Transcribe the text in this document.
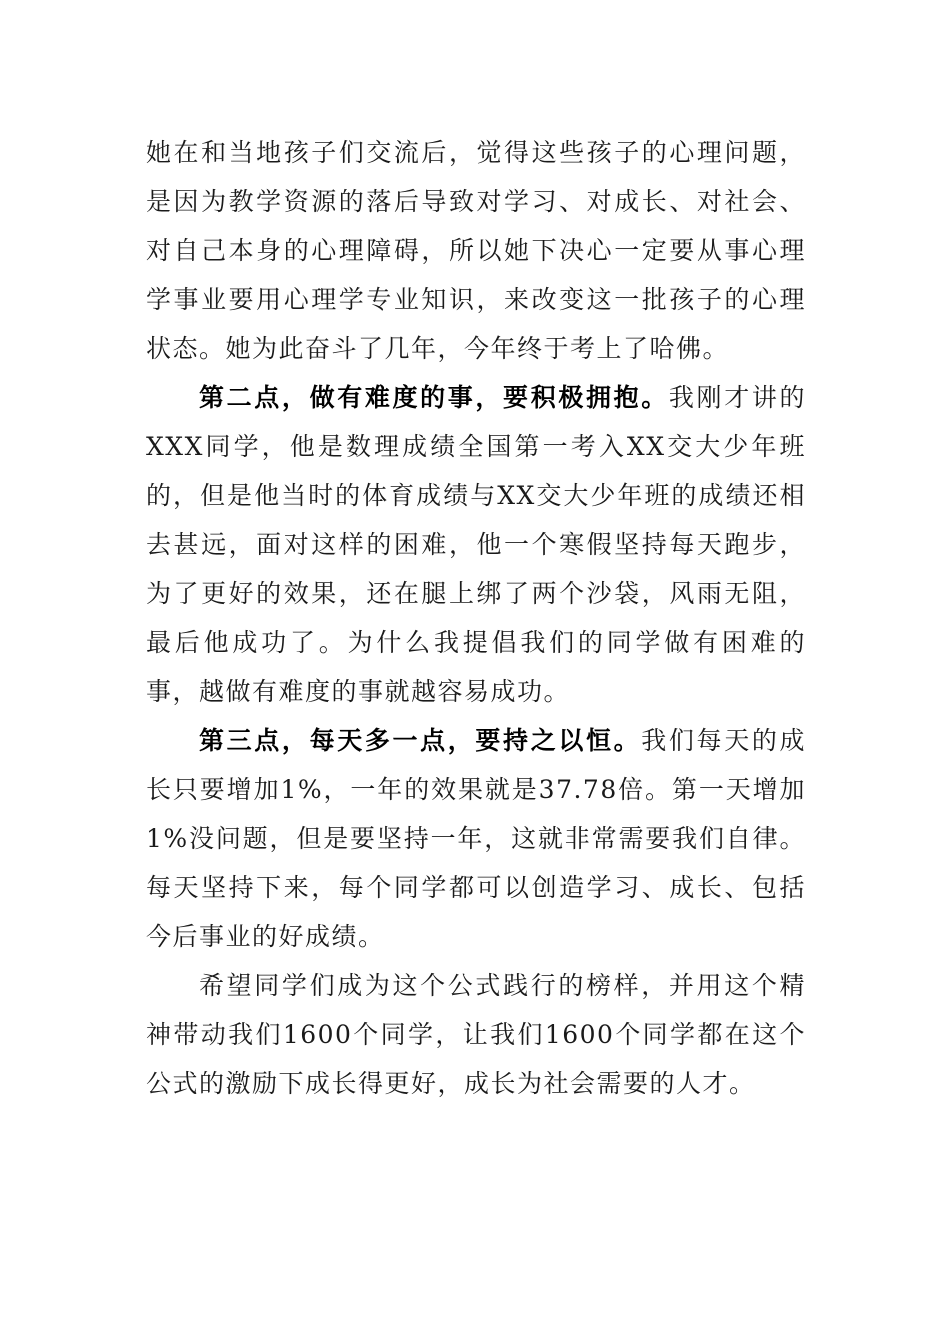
她在和当地孩子们交流后，觉得这些孩子的心理问题，是因为教学资源的落后导致对学习、对成长、对社会、对自己本身的心理障碍，所以她下决心一定要从事心理学事业要用心理学专业知识，来改变这一批孩子的心理状态。她为此奋斗了几年，今年终于考上了哈佛。

第二点，做有难度的事，要积极拥抱。我刚才讲的XXX同学，他是数理成绩全国第一考入XX交大少年班的，但是他当时的体育成绩与XX交大少年班的成绩还相去甚远，面对这样的困难，他一个寒假坚持每天跑步，为了更好的效果，还在腿上绑了两个沙袋，风雨无阻，最后他成功了。为什么我提倡我们的同学做有困难的事，越做有难度的事就越容易成功。

第三点，每天多一点，要持之以恒。我们每天的成长只要增加1%，一年的效果就是37.78倍。第一天增加1%没问题，但是要坚持一年，这就非常需要我们自律。每天坚持下来，每个同学都可以创造学习、成长、包括今后事业的好成绩。

希望同学们成为这个公式践行的榜样，并用这个精神带动我们1600个同学，让我们1600个同学都在这个公式的激励下成长得更好，成长为社会需要的人才。
